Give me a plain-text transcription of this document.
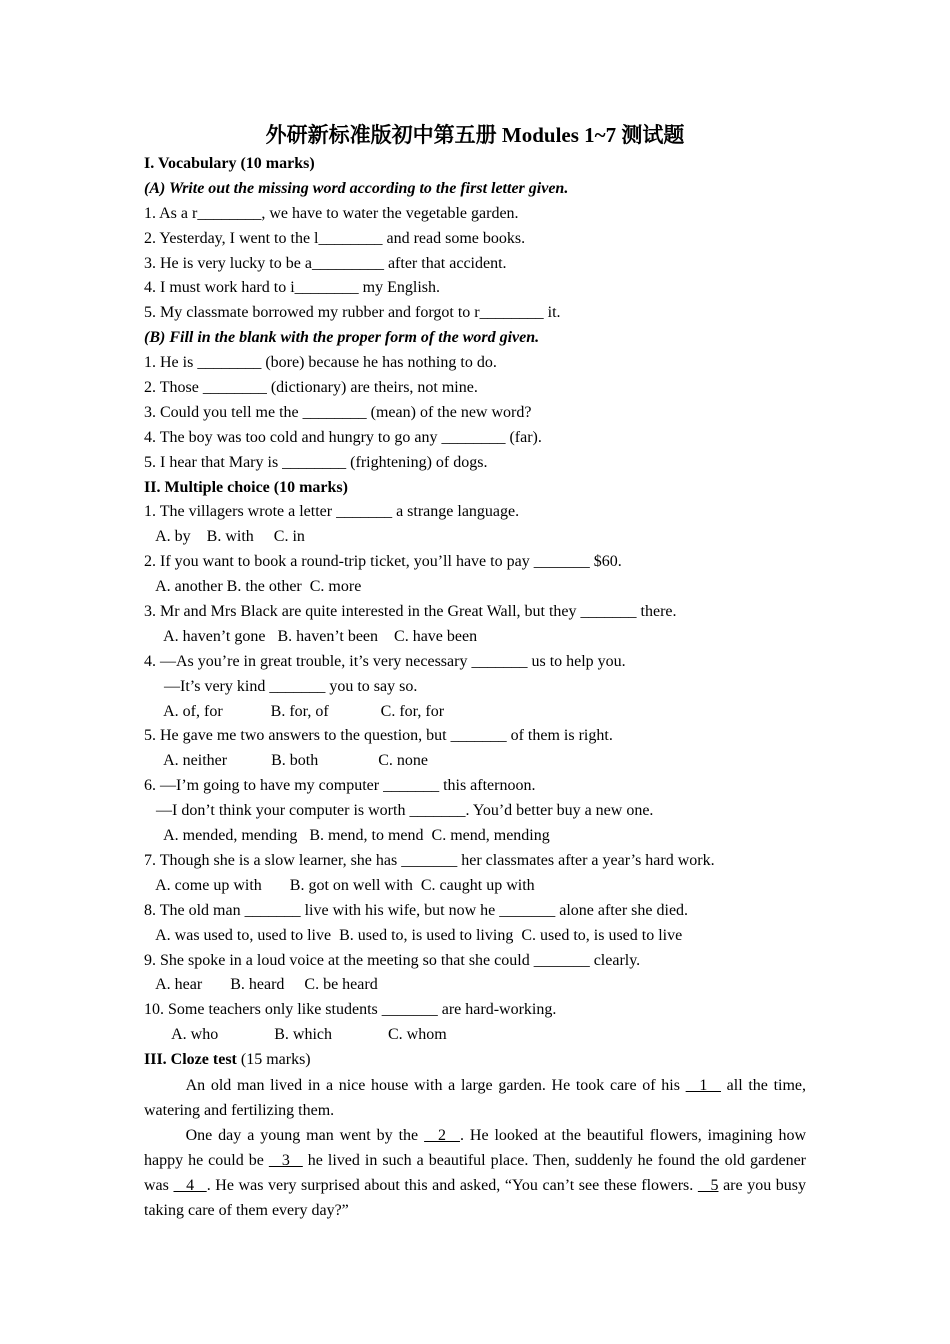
外研新标准版初中第五册 Modules 1~7 测试题
I. Vocabulary (10 marks)
(A) Write out the missing word according to the first letter given.
1. As a r________, we have to water the vegetable garden.
2. Yesterday, I went to the l________ and read some books.
3. He is very lucky to be a_________ after that accident.
4. I must work hard to i________ my English.
5. My classmate borrowed my rubber and forgot to r________ it.
(B) Fill in the blank with the proper form of the word given.
1. He is ________ (bore) because he has nothing to do.
2. Those ________ (dictionary) are theirs, not mine.
3. Could you tell me the ________ (mean) of the new word?
4. The boy was too cold and hungry to go any ________ (far).
5. I hear that Mary is ________ (frightening) of dogs.
II. Multiple choice (10 marks)
1. The villagers wrote a letter _______ a strange language.
A. by    B. with     C. in
2. If you want to book a round-trip ticket, you’ll have to pay _______ $60.
A. another B. the other  C. more
3. Mr and Mrs Black are quite interested in the Great Wall, but they _______ there.
A. haven’t gone   B. haven’t been    C. have been
4. —As you’re in great trouble, it’s very necessary _______ us to help you.
—It’s very kind _______ you to say so.
A. of, for            B. for, of             C. for, for
5. He gave me two answers to the question, but _______ of them is right.
A. neither           B. both               C. none
6. —I’m going to have my computer _______ this afternoon.
—I don’t think your computer is worth _______. You’d better buy a new one.
A. mended, mending   B. mend, to mend  C. mend, mending
7. Though she is a slow learner, she has _______ her classmates after a year’s hard work.
A. come up with       B. got on well with  C. caught up with
8. The old man _______ live with his wife, but now he _______ alone after she died.
A. was used to, used to live  B. used to, is used to living  C. used to, is used to live
9. She spoke in a loud voice at the meeting so that she could _______ clearly.
A. hear       B. heard     C. be heard
10. Some teachers only like students _______ are hard-working.
A. who              B. which              C. whom
III. Cloze test (15 marks)
An old man lived in a nice house with a large garden. He took care of his  _1_  all the time, watering and fertilizing them.
One day a young man went by the  _2_ . He looked at the beautiful flowers, imagining how happy he could be  _3_  he lived in such a beautiful place. Then, suddenly he found the old gardener was  _4_ . He was very surprised about this and asked, “You can’t see these flowers.  _5 are you busy taking care of them every day?”
